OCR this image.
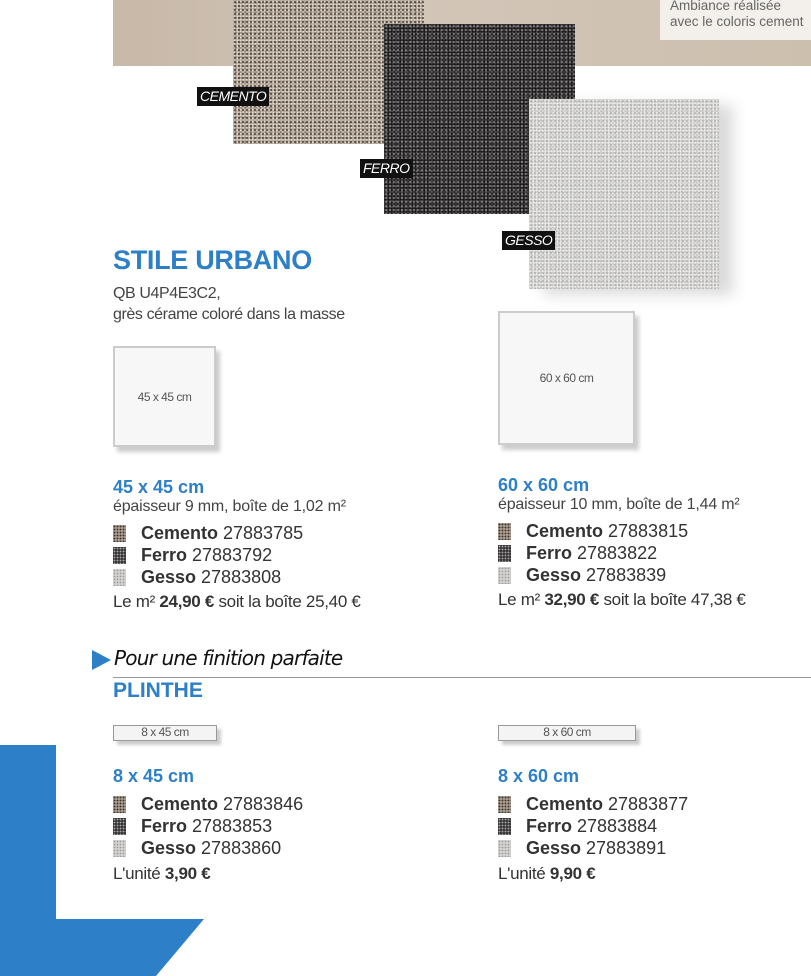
Ambiance réalisée
avec le coloris cement
CEMENTO
FERRO
GESSO
STILE URBANO
QB U4P4E3C2,
grès cérame coloré dans la masse
45 x 45 cm
60 x 60 cm
45 x 45 cm
épaisseur 9 mm, boîte de 1,02 m²
Cemento 27883785
Ferro 27883792
Gesso 27883808
Le m² 24,90 € soit la boîte 25,40 €
60 x 60 cm
épaisseur 10 mm, boîte de 1,44 m²
Cemento 27883815
Ferro 27883822
Gesso 27883839
Le m² 32,90 € soit la boîte 47,38 €
Pour une finition parfaite
PLINTHE
8 x 45 cm	8 x 60 cm
8 x 45 cm
Cemento 27883846
Ferro 27883853
Gesso 27883860
L'unité 3,90 €
8 x 60 cm
Cemento 27883877
Ferro 27883884
Gesso 27883891
L'unité 9,90 €
